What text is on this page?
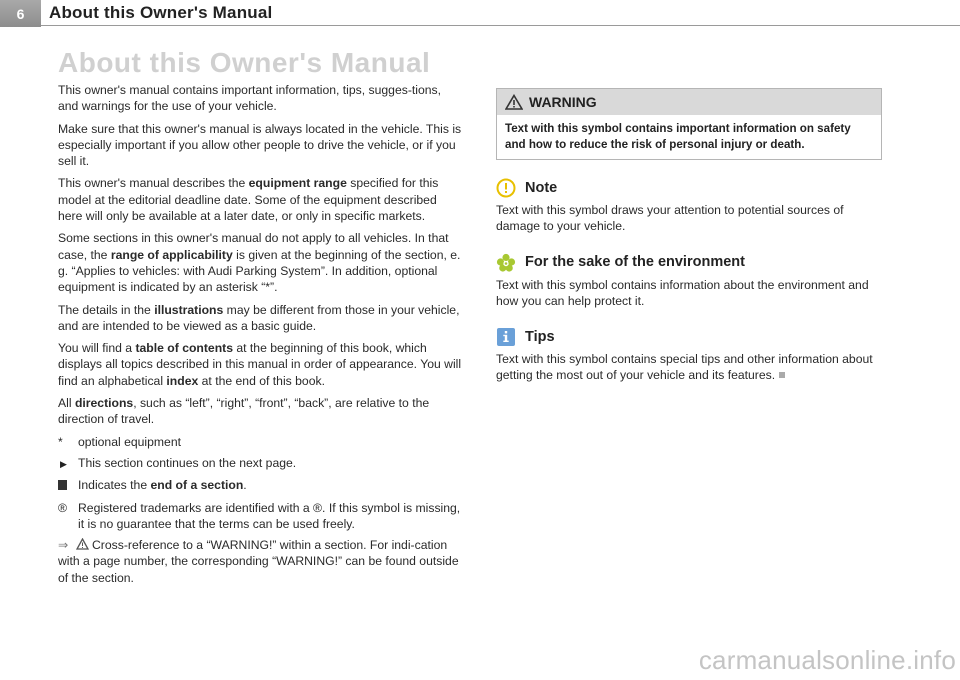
6 About this Owner's Manual
About this Owner's Manual

This owner's manual contains important information, tips, sugges-tions, and warnings for the use of your vehicle.

Make sure that this owner's manual is always located in the vehicle. This is especially important if you allow other people to drive the vehicle, or if you sell it.

This owner's manual describes the equipment range specified for this model at the editorial deadline date. Some of the equipment described here will only be available at a later date, or only in specific markets.

Some sections in this owner's manual do not apply to all vehicles. In that case, the range of applicability is given at the beginning of the section, e. g. “Applies to vehicles: with Audi Parking System”. In addition, optional equipment is indicated by an asterisk “*”.

The details in the illustrations may be different from those in your vehicle, and are intended to be viewed as a basic guide.

You will find a table of contents at the beginning of this book, which displays all topics described in this manual in order of appearance. You will find an alphabetical index at the end of this book.

All directions, such as “left”, “right”, “front”, “back”, are relative to the direction of travel.

*	optional equipment
▶ This section continues on the next page.
Indicates the end of a section.
® Registered trademarks are identified with a ®. If this symbol is missing, it is no guarantee that the terms can be used freely.
⇒  Cross-reference to a “WARNING!” within a section. For indi-cation with a page number, the corresponding “WARNING!” can be found outside of the section.
WARNING
Text with this symbol contains important information on safety and how to reduce the risk of personal injury or death.
Note
Text with this symbol draws your attention to potential sources of damage to your vehicle.
For the sake of the environment
Text with this symbol contains information about the environment and how you can help protect it.
Tips
Text with this symbol contains special tips and other information about getting the most out of your vehicle and its features.
carmanualsonline.info
